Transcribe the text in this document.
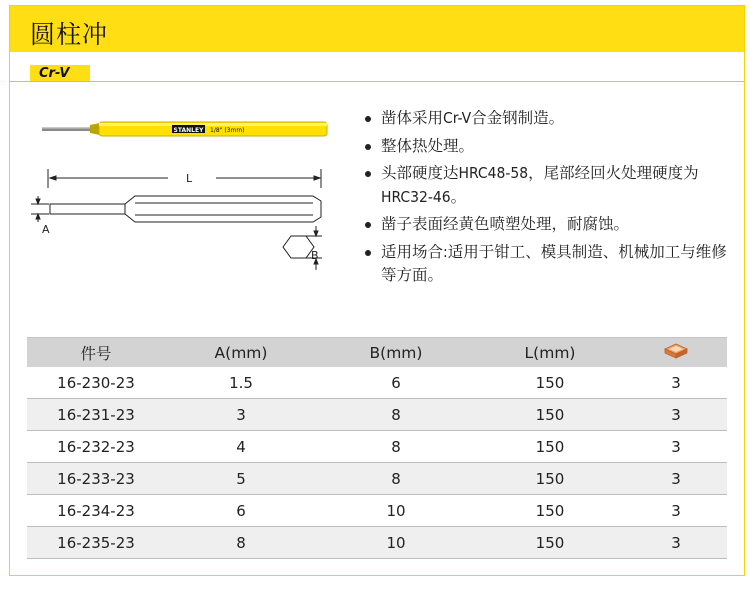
圆柱冲
Cr-V
STANLEY 1/8" (3mm)
L
A
B
凿体采用Cr-V合金钢制造。
整体热处理。
头部硬度达HRC48-58，尾部经回火处理硬度为HRC32-46。
凿子表面经黄色喷塑处理，耐腐蚀。
适用场合:适用于钳工、模具制造、机械加工与维修等方面。
件号	A(mm)	B(mm)	L(mm)	
16-230-23	1.5	6	150	3
16-231-23	3	8	150	3
16-232-23	4	8	150	3
16-233-23	5	8	150	3
16-234-23	6	10	150	3
16-235-23	8	10	150	3
